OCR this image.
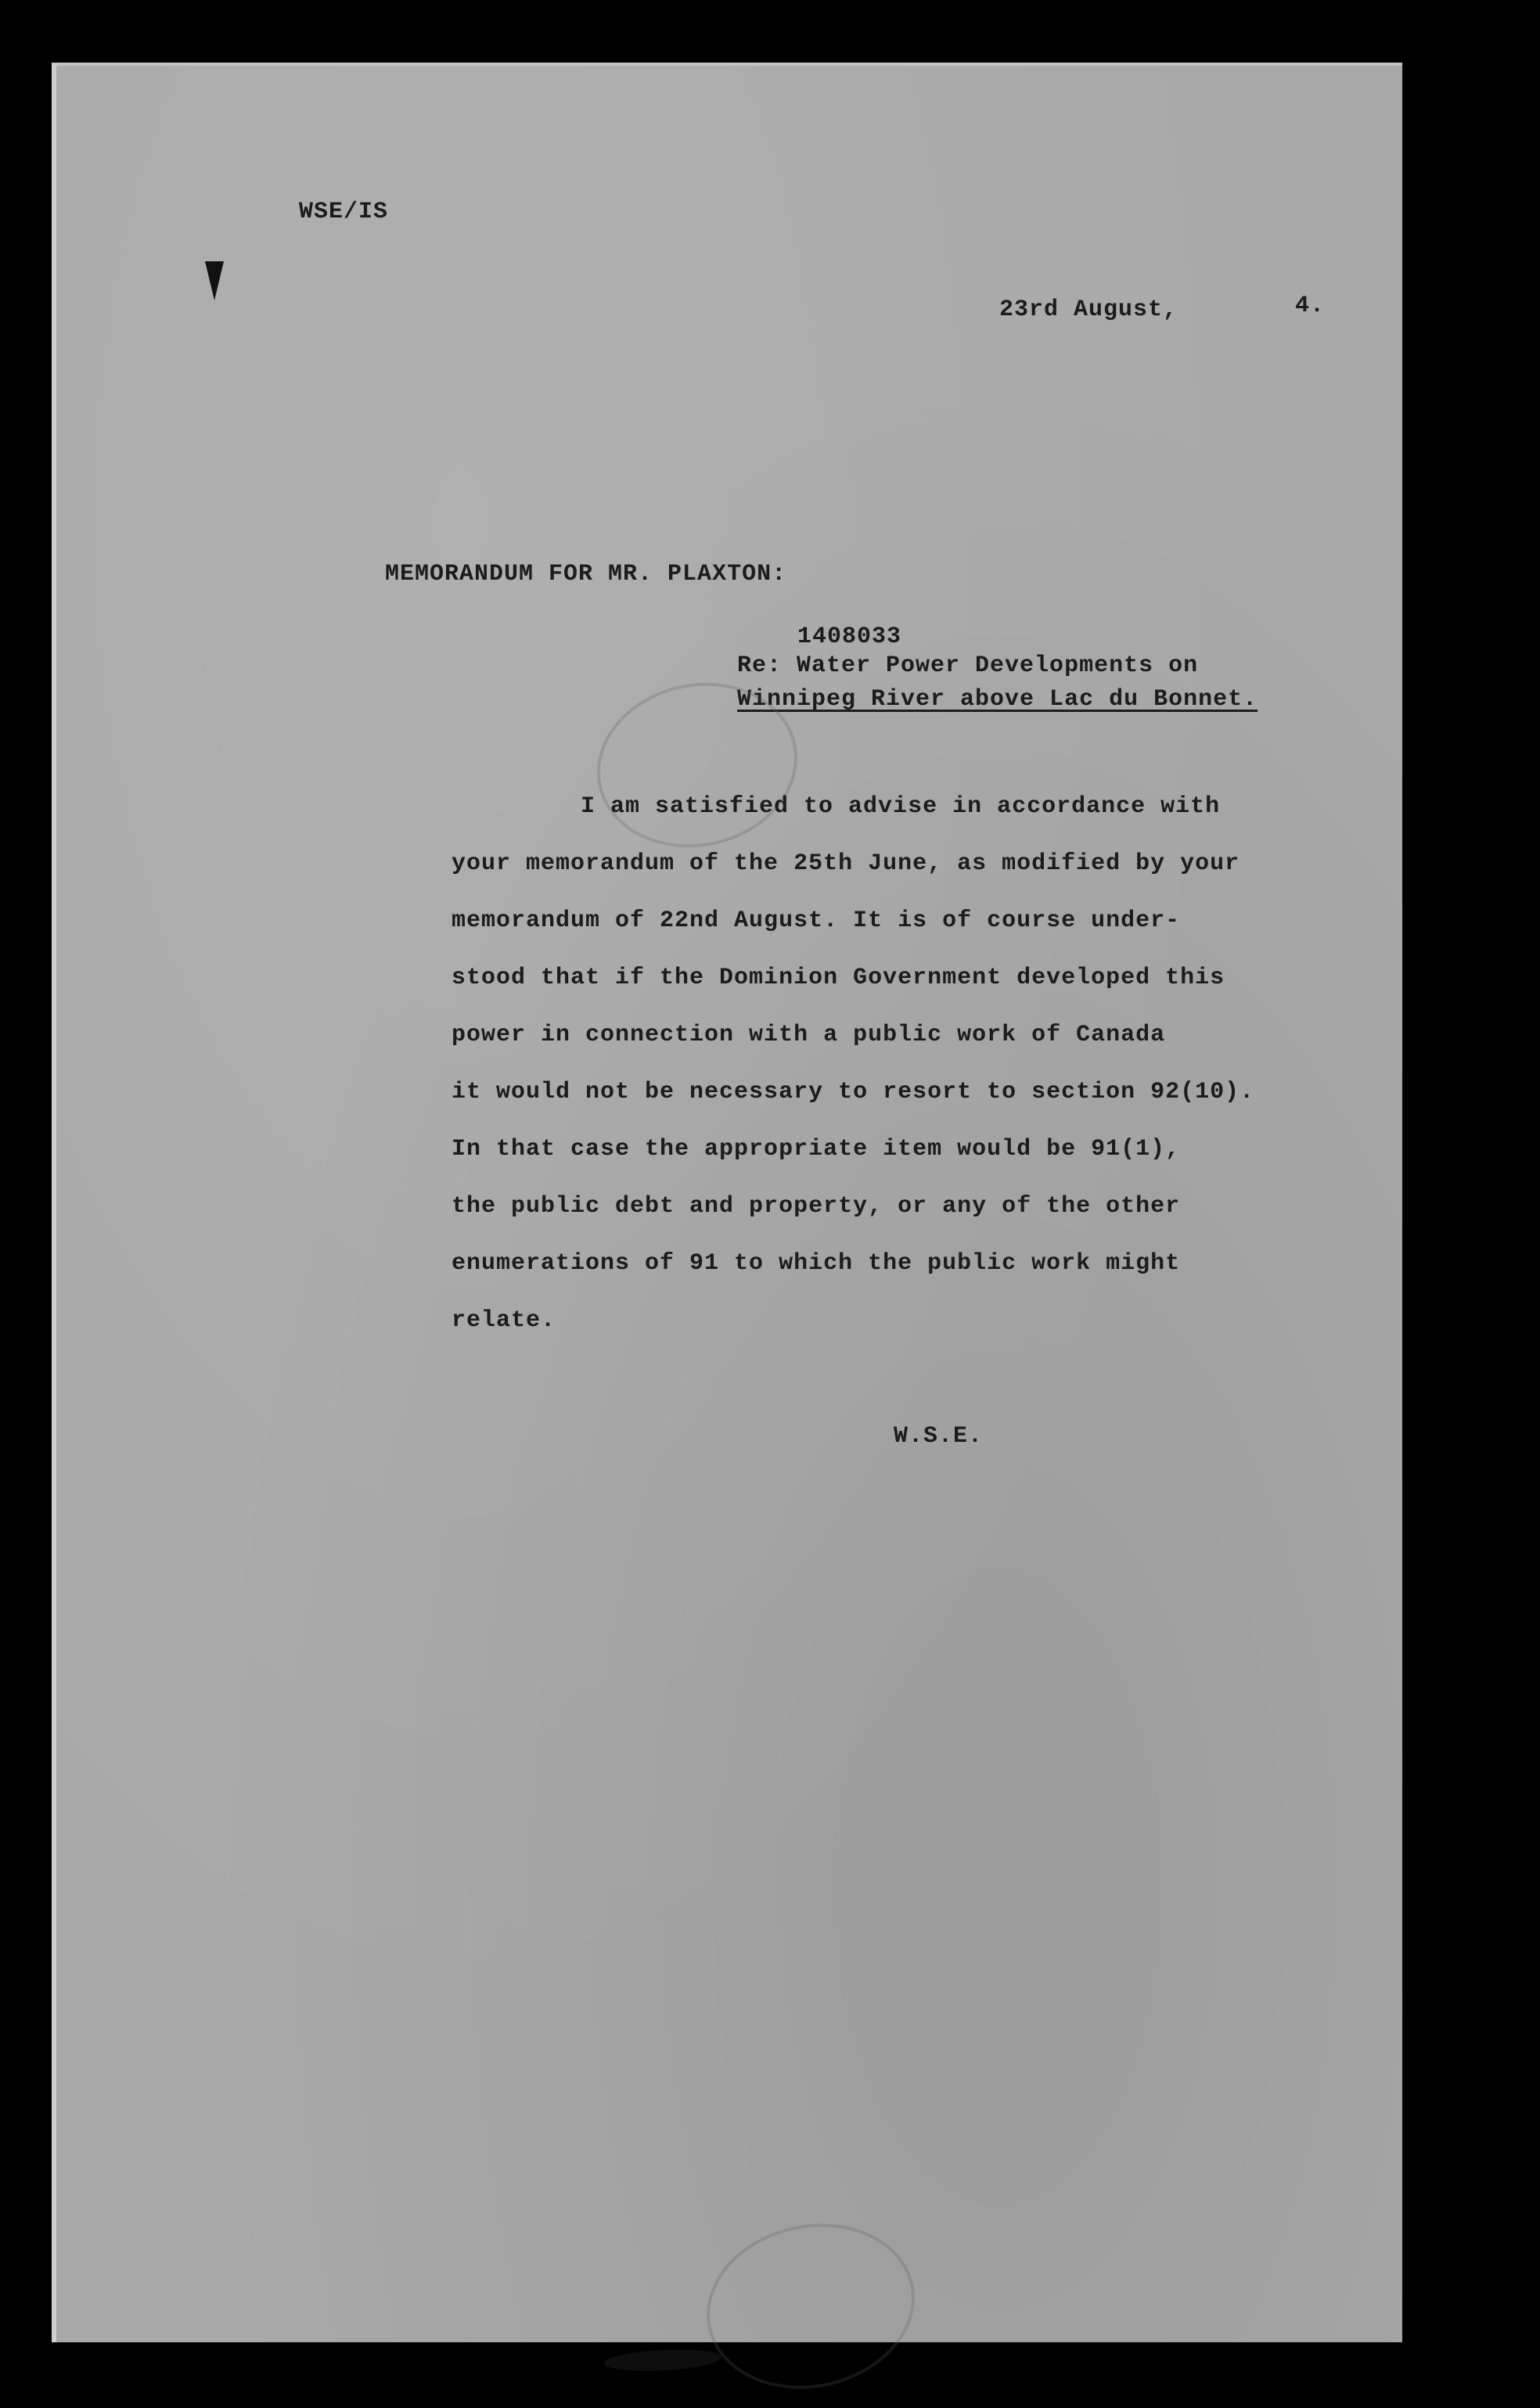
WSE/IS
23rd August,	4.
MEMORANDUM FOR MR. PLAXTON:
1408033
Re: Water Power Developments on
Winnipeg River above Lac du Bonnet.
I am satisfied to advise in accordance with
your memorandum of the 25th June, as modified by your
memorandum of 22nd August. It is of course under-
stood that if the Dominion Government developed this
power in connection with a public work of Canada
it would not be necessary to resort to section 92(10).
In that case the appropriate item would be 91(1),
the public debt and property, or any of the other
enumerations of 91 to which the public work might
relate.
W.S.E.
